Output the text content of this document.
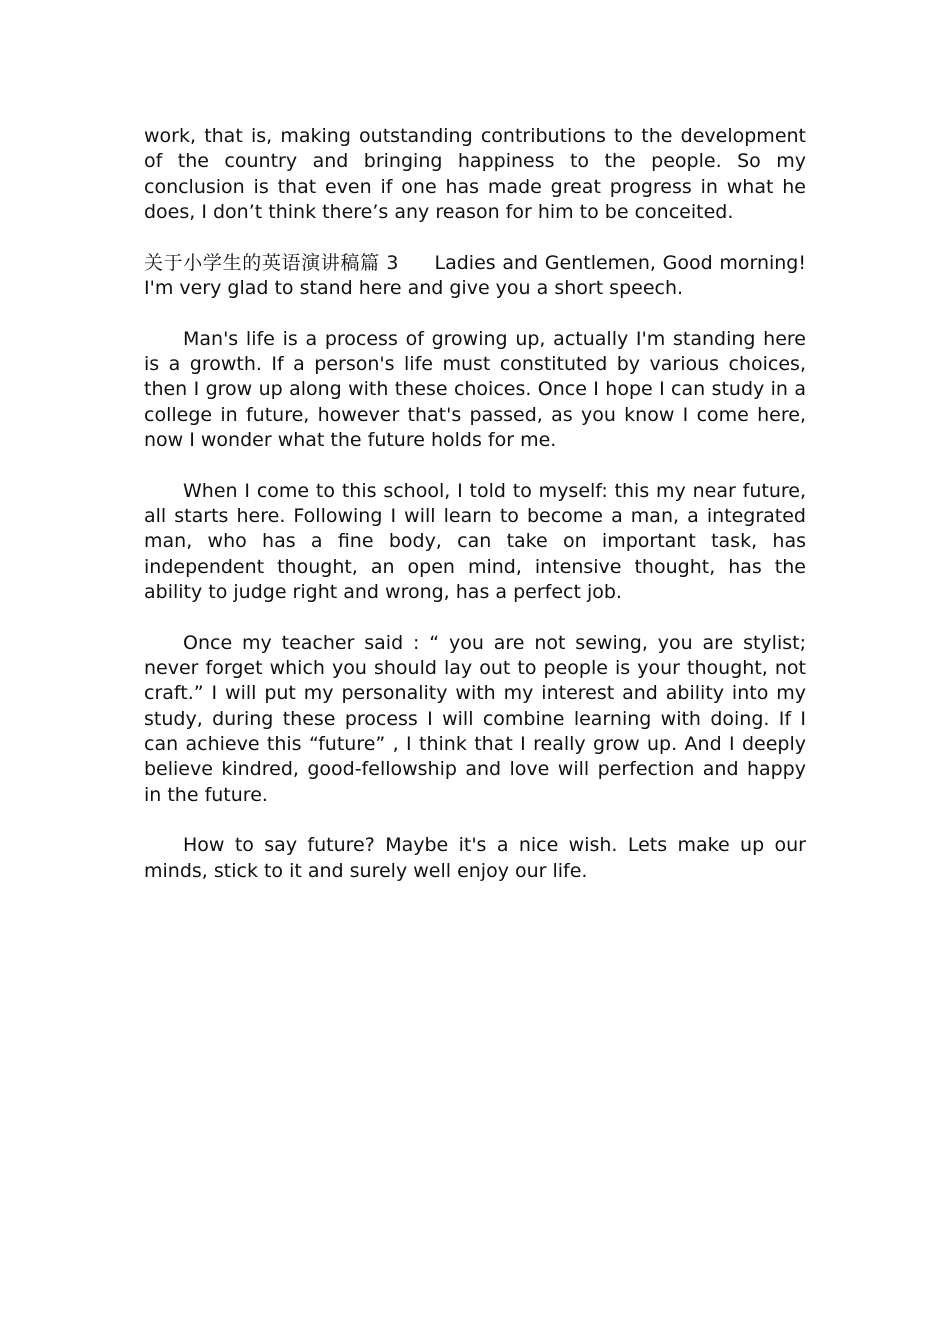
work, that is, making outstanding contributions to the development of the country and bringing happiness to the people. So my conclusion is that even if one has made great progress in what he does, I don’t think there’s any reason for him to be conceited.

关于小学生的英语演讲稿篇 3 Ladies and Gentlemen, Good morning! I'm very glad to stand here and give you a short speech.

Man's life is a process of growing up, actually I'm standing here is a growth. If a person's life must constituted by various choices, then I grow up along with these choices. Once I hope I can study in a college in future, however that's passed, as you know I come here, now I wonder what the future holds for me.

When I come to this school, I told to myself: this my near future, all starts here. Following I will learn to become a man, a integrated man, who has a fine body, can take on important task, has independent thought, an open mind, intensive thought, has the ability to judge right and wrong, has a perfect job.

Once my teacher said : “ you are not sewing, you are stylist; never forget which you should lay out to people is your thought, not craft.” I will put my personality with my interest and ability into my study, during these process I will combine learning with doing. If I can achieve this “future” , I think that I really grow up. And I deeply believe kindred, good-fellowship and love will perfection and happy in the future.

How to say future? Maybe it's a nice wish. Lets make up our minds, stick to it and surely well enjoy our life.
